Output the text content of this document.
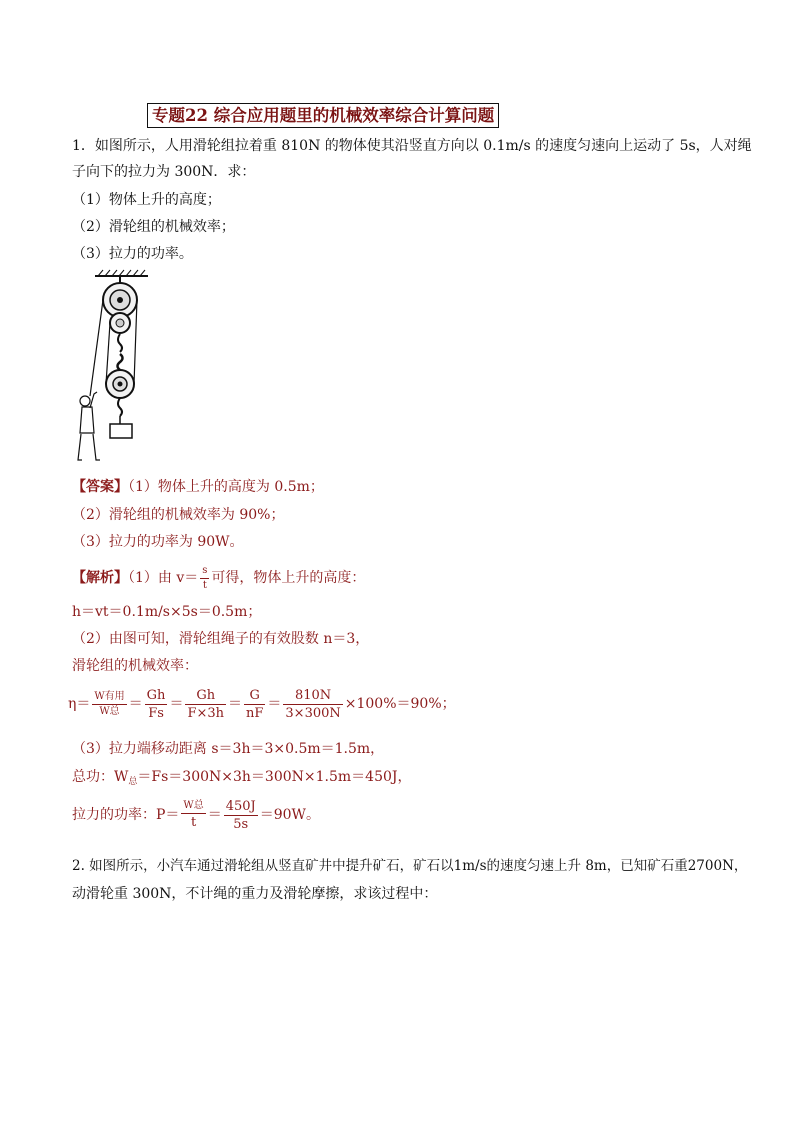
专题22 综合应用题里的机械效率综合计算问题
1．如图所示，人用滑轮组拉着重 810N 的物体使其沿竖直方向以 0.1m/s 的速度匀速向上运动了 5s，人对绳
子向下的拉力为 300N．求：
（1）物体上升的高度；
（2）滑轮组的机械效率；
（3）拉力的功率。
【答案】（1）物体上升的高度为 0.5m；
（2）滑轮组的机械效率为 90%；
（3）拉力的功率为 90W。
【解析】（1）由 $v= \frac{s}{t}$ 可得，物体上升的高度：
h＝vt＝0.1m/s×5s＝0.5m；
（2）由图可知，滑轮组绳子的有效股数 n＝3，
滑轮组的机械效率：
$\eta= \frac{\text{W有用}}{\text{W总}} = \frac{Gh}{Fs} = \frac{Gh}{F\times 3h} = \frac{G}{nF} = \frac{810N}{3\times 300N} \times 100\%=90\%$；
（3）拉力端移动距离 s＝3h＝3×0.5m＝1.5m，
总功：$W_总=Fs=300N\times 3h=300N\times 1.5m=450J$，
拉力的功率：$P= \frac{\text{W总}}{t} = \frac{450J}{5s} =90W$。
2. 如图所示，小汽车通过滑轮组从竖直矿井中提升矿石，矿石以1m/s的速度匀速上升 8m，已知矿石重2700N，
动滑轮重 300N，不计绳的重力及滑轮摩擦，求该过程中：
